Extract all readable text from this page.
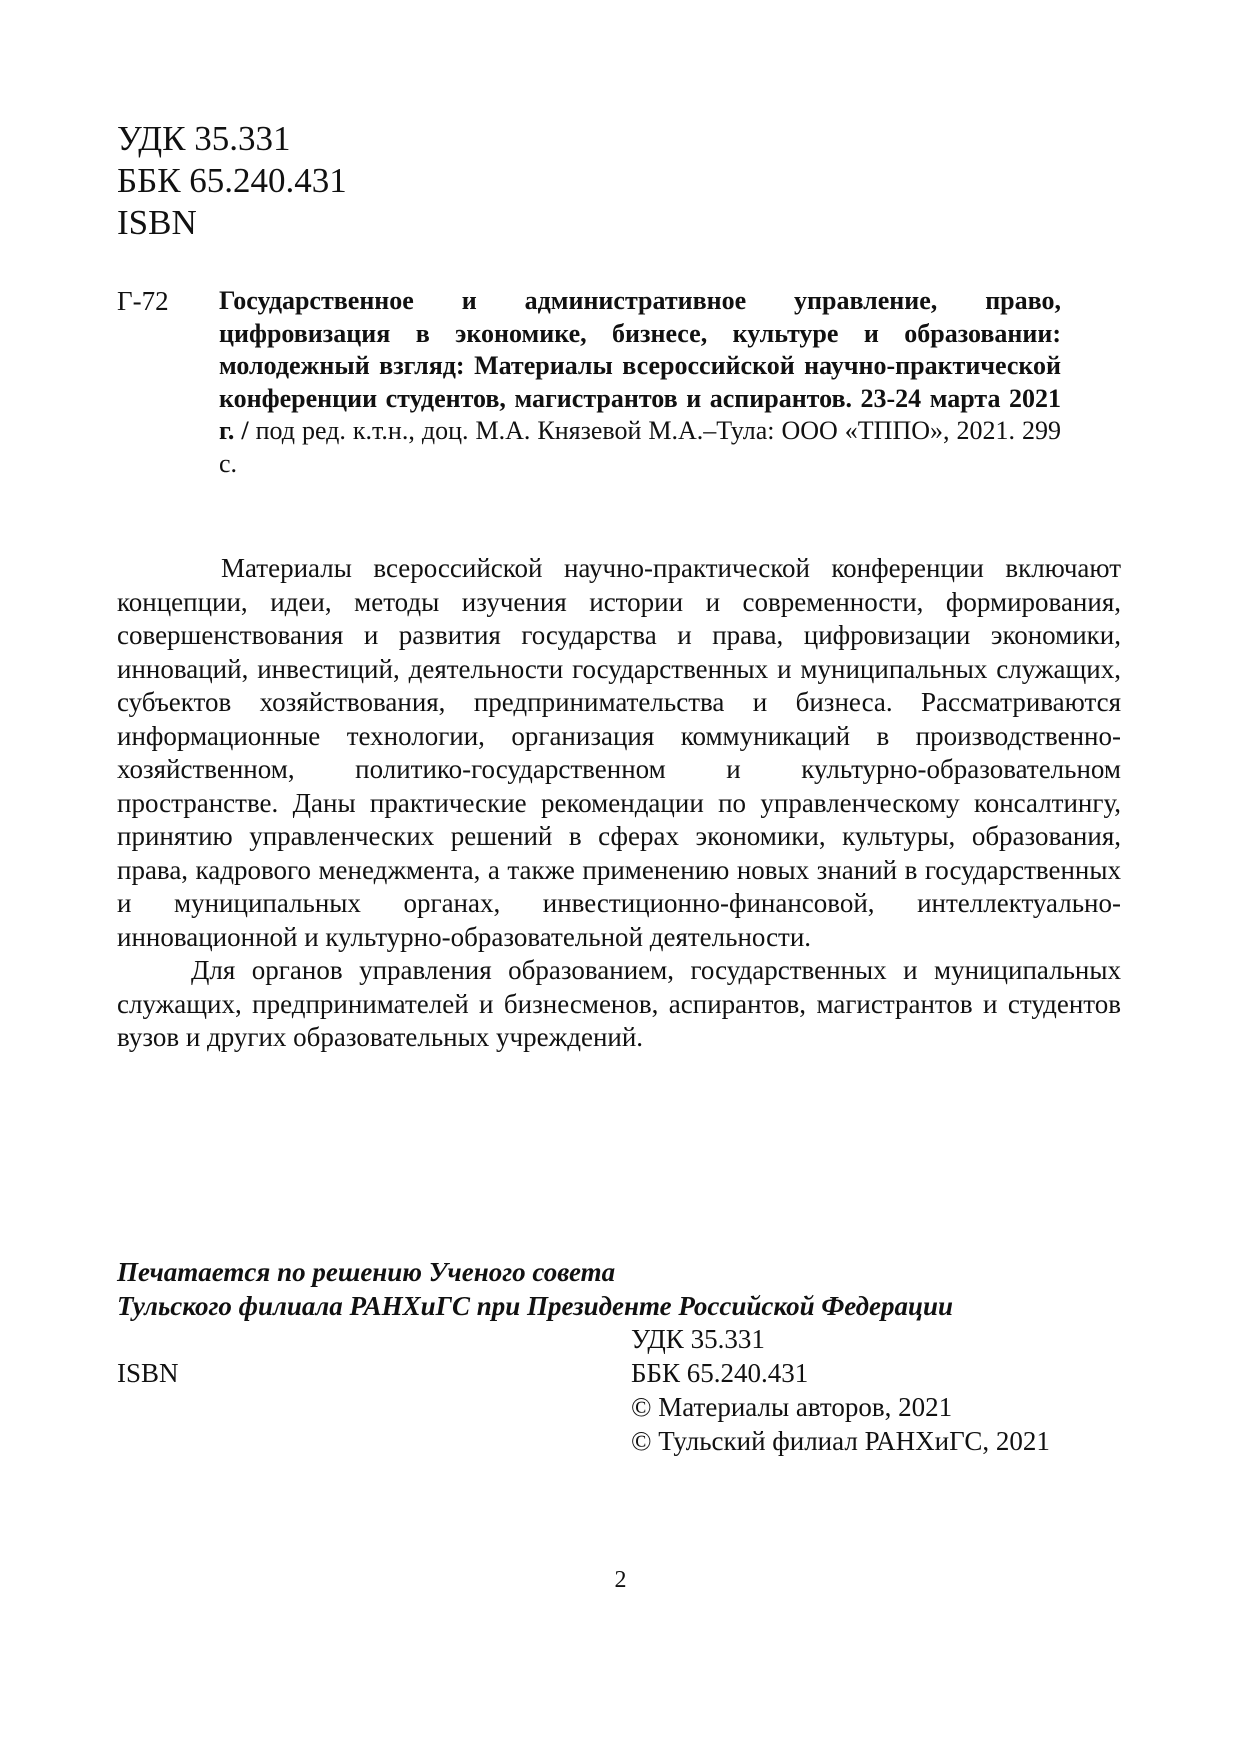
УДК 35.331
ББК 65.240.431
ISBN
Г-72 Государственное и административное управление, право, цифровизация в экономике, бизнесе, культуре и образовании: молодежный взгляд: Материалы всероссийской научно-практической конференции студентов, магистрантов и аспирантов. 23-24 марта 2021 г. / под ред. к.т.н., доц. М.А. Князевой М.А.–Тула: ООО «ТППО», 2021. 299 с.

Материалы всероссийской научно-практической конференции включают концепции, идеи, методы изучения истории и современности, формирования, совершенствования и развития государства и права, цифровизации экономики, инноваций, инвестиций, деятельности государственных и муниципальных служащих, субъектов хозяйствования, предпринимательства и бизнеса. Рассматриваются информационные технологии, организация коммуникаций в производственно-хозяйственном, политико-государственном и культурно-образовательном пространстве. Даны практические рекомендации по управленческому консалтингу, принятию управленческих решений в сферах экономики, культуры, образования, права, кадрового менеджмента, а также применению новых знаний в государственных и муниципальных органах, инвестиционно-финансовой, интеллектуально-инновационной и культурно-образовательной деятельности.

Для органов управления образованием, государственных и муниципальных служащих, предпринимателей и бизнесменов, аспирантов, магистрантов и студентов вузов и других образовательных учреждений.

Печатается по решению Ученого совета
Тульского филиала РАНХиГС при Президенте Российской Федерации
ISBN
УДК 35.331
ББК 65.240.431
© Материалы авторов, 2021
© Тульский филиал РАНХиГС, 2021
2
